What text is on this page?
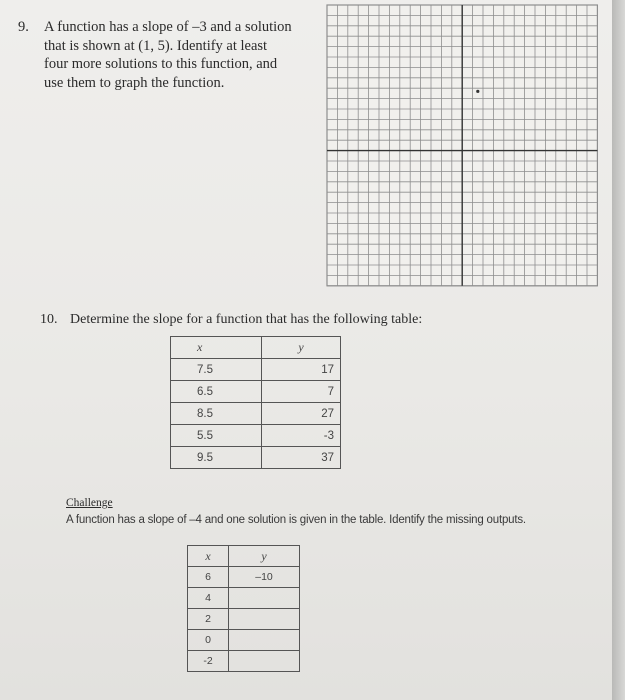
9. A function has a slope of –3 and a solution
that is shown at (1, 5). Identify at least
four more solutions to this function, and
use them to graph the function.
10. Determine the slope for a function that has the following table:
x	y
7.5	17
6.5	7
8.5	27
5.5	-3
9.5	37
Challenge
A function has a slope of –4 and one solution is given in the table. Identify the missing outputs.
x	y
6	–10
4	
2	
0	
-2	
